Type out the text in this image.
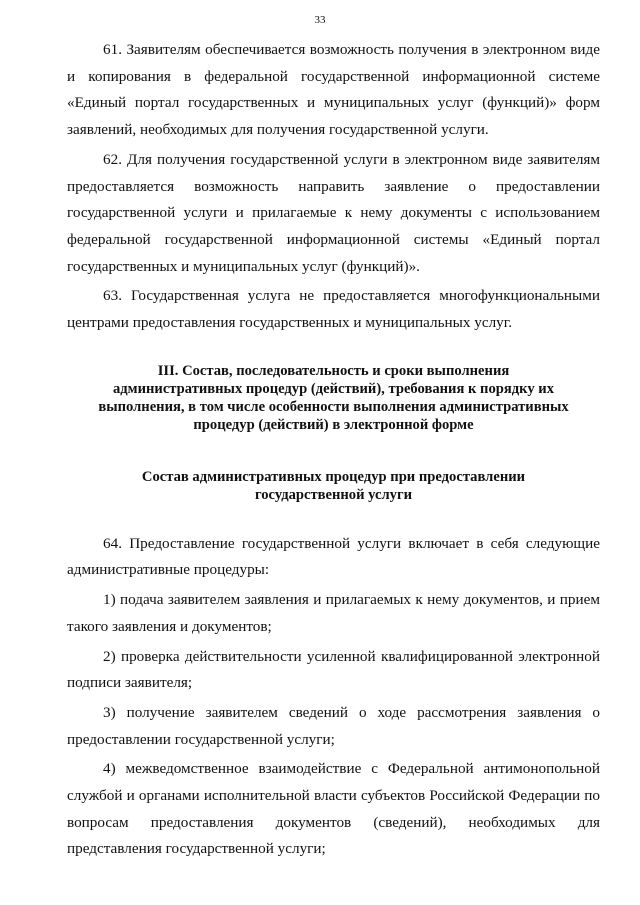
33

61. Заявителям обеспечивается возможность получения в электронном виде и копирования в федеральной государственной информационной системе «Единый портал государственных и муниципальных услуг (функций)» форм заявлений, необходимых для получения государственной услуги.

62. Для получения государственной услуги в электронном виде заявителям предоставляется возможность направить заявление о предоставлении государственной услуги и прилагаемые к нему документы с использованием федеральной государственной информационной системы «Единый портал государственных и муниципальных услуг (функций)».

63. Государственная услуга не предоставляется многофункциональными центрами предоставления государственных и муниципальных услуг.

III. Состав, последовательность и сроки выполнения
административных процедур (действий), требования к порядку их
выполнения, в том числе особенности выполнения административных
процедур (действий) в электронной форме
Состав административных процедур при предоставлении
государственной услуги

64. Предоставление государственной услуги включает в себя следующие административные процедуры:

1) подача заявителем заявления и прилагаемых к нему документов, и прием такого заявления и документов;

2) проверка действительности усиленной квалифицированной электронной подписи заявителя;

3) получение заявителем сведений о ходе рассмотрения заявления о предоставлении государственной услуги;

4) межведомственное взаимодействие с Федеральной антимонопольной службой и органами исполнительной власти субъектов Российской Федерации по вопросам предоставления документов (сведений), необходимых для представления государственной услуги;
